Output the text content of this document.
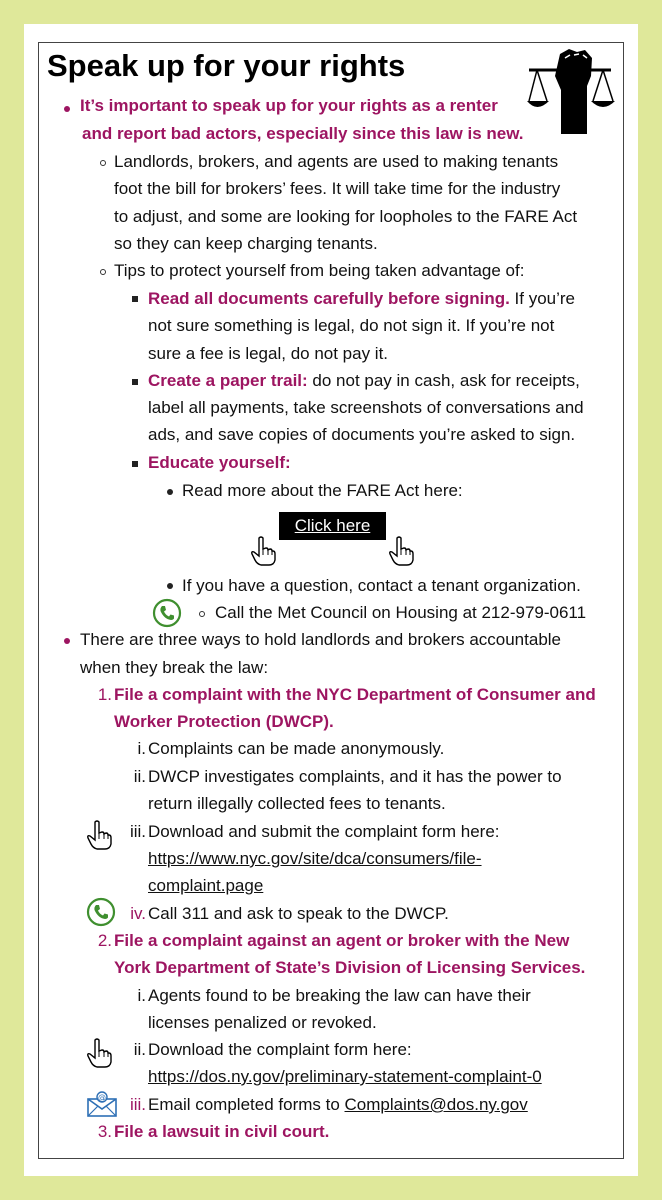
Speak up for your rights
It’s important to speak up for your rights as a renter
and report bad actors, especially since this law is new.
Landlords, brokers, and agents are used to making tenants
foot the bill for brokers’ fees. It will take time for the industry
to adjust, and some are looking for loopholes to the FARE Act
so they can keep charging tenants.
Tips to protect yourself from being taken advantage of:
Read all documents carefully before signing. If you’re
not sure something is legal, do not sign it. If you’re not
sure a fee is legal, do not pay it.
Create a paper trail: do not pay in cash, ask for receipts,
label all payments, take screenshots of conversations and
ads, and save copies of documents you’re asked to sign.
Educate yourself:
Read more about the FARE Act here:
Click here
If you have a question, contact a tenant organization.
Call the Met Council on Housing at 212-979-0611
There are three ways to hold landlords and brokers accountable
when they break the law:
1. File a complaint with the NYC Department of Consumer and
Worker Protection (DWCP).
i. Complaints can be made anonymously.
ii. DWCP investigates complaints, and it has the power to
return illegally collected fees to tenants.
iii. Download and submit the complaint form here:
https://www.nyc.gov/site/dca/consumers/file-
complaint.page
iv. Call 311 and ask to speak to the DWCP.
2. File a complaint against an agent or broker with the New
York Department of State’s Division of Licensing Services.
i. Agents found to be breaking the law can have their
licenses penalized or revoked.
ii. Download the complaint form here:
https://dos.ny.gov/preliminary-statement-complaint-0
@	iii. Email completed forms to Complaints@dos.ny.gov
3. File a lawsuit in civil court.
